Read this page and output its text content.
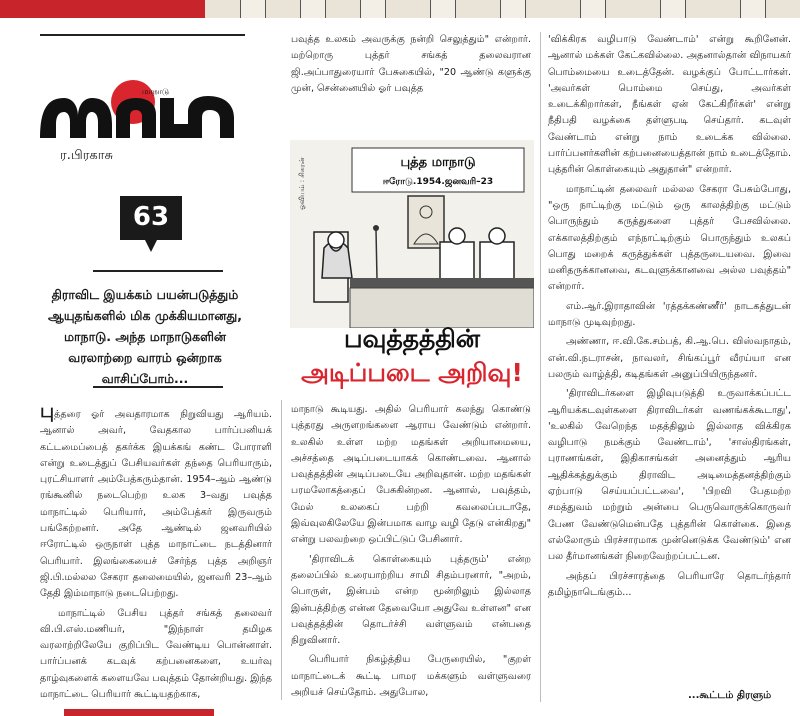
மாநாடு
ர.பிரகாசு
63
திராவிட இயக்கம் பயன்படுத்தும் ஆயுதங்களில் மிக முக்கியமானது, மாநாடு. அந்த மாநாடுகளின் வரலாற்றை வாரம் ஒன்றாக வாசிப்போம்...

புத்தரை ஓர் அவதாரமாக நிறுவியது ஆரியம். ஆனால் அவர், வேதகால பார்ப்பனியக் கட்டமைப்பைத் தகர்க்க இயக்கங் கண்ட போராளி என்று உடைத்துப் பேசியவர்கள் தந்தை பெரியாரும், புரட்சியாளர் அம்பேத்கரும்தான். 1954–ஆம் ஆண்டு ரங்கூனில் நடைபெற்ற உலக 3–வது பவுத்த மாநாட்டில் பெரியார், அம்பேத்கர் இருவரும் பங்கேற்றனர். அதே ஆண்டில் ஜனவரியில் ஈரோட்டில் ஒருநாள் புத்த மாநாட்டை நடத்தினார் பெரியார். இலங்கையைச் சேர்ந்த புத்த அறிஞர் ஜி.பி.மல்லல சேகரா தலைமையில், ஜனவரி 23–ஆம் தேதி இம்மாநாடு நடைபெற்றது.

மாநாட்டில் பேசிய புத்தர் சங்கத் தலைவர் வி.பி.எஸ்.மணியர், "இந்நாள் தமிழக வரலாற்றிலேயே குறிப்பிட வேண்டிய பொன்னாள். பார்ப்பனக் கடவுக் கற்பனைகளை, உயர்வு தாழ்வுகளைக் களையவே பவுத்தம் தோன்றியது. இந்த மாநாட்டை பெரியார் கூட்டியதற்காக,

பவுத்த உலகம் அவருக்கு நன்றி செலுத்தும்" என்றார். மற்றொரு புத்தர் சங்கத் தலைவரான ஜி.அப்பாதுரையார் பேசுகையில், "20 ஆண்டு களுக்கு முன், சென்னையில் ஓர் பவுத்த

புத்த மாநாடு
ஈரோடு.1954.ஜனவரி–23
ஓவியம் : சிகரன்
பவுத்தத்தின்
அடிப்படை அறிவு!

மாநாடு கூடியது. அதில் பெரியார் கலந்து கொண்டு புத்தரது அருளறங்களை ஆராய வேண்டும் என்றார். உலகில் உள்ள மற்ற மதங்கள் அறியாமையை, அச்சத்தை அடிப்படையாகக் கொண்டவை. ஆனால் பவுத்தத்தின் அடிப்படையே அறிவுதான். மற்ற மதங்கள் பரமலோகத்தைப் பேசுகின்றன. ஆனால், பவுத்தம், மேல் உலகைப் பற்றி கவலைப்படாதே, இவ்வுலகிலேயே இன்பமாக வாழ வழி தேடு என்கிறது" என்று பலவற்றை ஒப்பிட்டுப் பேசினார்.

'திராவிடக் கொள்கையும் புத்தரும்' என்ற தலைப்பில் உரையாற்றிய சாமி சிதம்பரனார், "அறம், பொருள், இன்பம் என்ற மூன்றிலும் இல்லாத இன்பத்திற்கு என்ன தேவையோ அதுவே உள்ளன" என பவுத்தத்தின் தொடர்ச்சி வள்ளுவம் என்பதை நிறுவினார்.

பெரியார் நிகழ்த்திய பேருரையில், "குறள் மாநாட்டைக் கூட்டி பாமர மக்களும் வள்ளுவரை அறியச் செய்தோம். அதுபோல,

'விக்கிரக வழிபாடு வேண்டாம்' என்று கூறினேன். ஆனால் மக்கள் கேட்கவில்லை. அதனால்தான் விநாயகர் பொம்மையை உடைத்தேன். வழக்குப் போட்டார்கள். 'அவர்கள் பொம்மை செய்து, அவர்கள் உடைக்கிறார்கள், நீங்கள் ஏன் கேட்கிறீர்கள்' என்று நீதிபதி வழக்கை தள்ளுபடி செய்தார். கடவுள் வேண்டாம் என்று நாம் உடைக்க வில்லை. பார்ப்பனர்களின் கற்பனையைத்தான் நாம் உடைத்தோம். புத்தரின் கொள்கையும் அதுதான்" என்றார்.

மாநாட்டின் தலைவர் மல்லல சேகரா பேசும்போது, "ஒரு நாட்டிற்கு மட்டும் ஒரு காலத்திற்கு மட்டும் பொருந்தும் கருத்துகளை புத்தர் பேசவில்லை. எக்காலத்திற்கும் எந்நாட்டிற்கும் பொருந்தும் உலகப் பொது மறைக் கருத்துக்கள் புத்தருடையவை. இவை மனிதருக்கானவை, கடவுளுக்கானவை அல்ல பவுத்தம்" என்றார்.

எம்.ஆர்.இராதாவின் 'ரத்தக்கண்ணீர்' நாடகத்துடன் மாநாடு முடிவுற்றது.

அண்ணா, ஈ.வி.கே.சம்பத், கி.ஆ.பெ. விஸ்வநாதம், என்.வி.நடராசன், நாவலர், சிங்கப்பூர் வீரய்யா என பலரும் வாழ்த்தி, கடிதங்கள் அனுப்பியிருந்தனர்.

'திராவிடர்களை இழிவுபடுத்தி உருவாக்கப்பட்ட ஆரியக்கடவுள்களை திராவிடர்கள் வணங்கக்கூடாது', 'உலகில் வேறெந்த மதத்திலும் இல்லாத விக்கிரக வழிபாடு நமக்கும் வேண்டாம்', 'சாஸ்திரங்கள், புராணங்கள், இதிகாசங்கள் அனைத்தும் ஆரிய ஆதிக்கத்துக்கும் திராவிட அடிமைத்தனத்திற்கும் ஏற்பாடு செய்யப்பட்டவை', 'பிறவி பேதமற்ற சமத்துவம் மற்றும் அன்பை பெருவொருக்கொருவர் பேண வேண்டுமென்பதே புத்தரின் கொள்கை. இதை எல்லோரும் பிரச்சாரமாக முன்னெடுக்க வேண்டும்' என பல தீர்மானங்கள் நிறைவேற்றப்பட்டன.

அந்தப் பிரச்சாரத்தை பெரியாரே தொடர்ந்தார் தமிழ்நாடெங்கும்...

...கூட்டம் திரளும்
